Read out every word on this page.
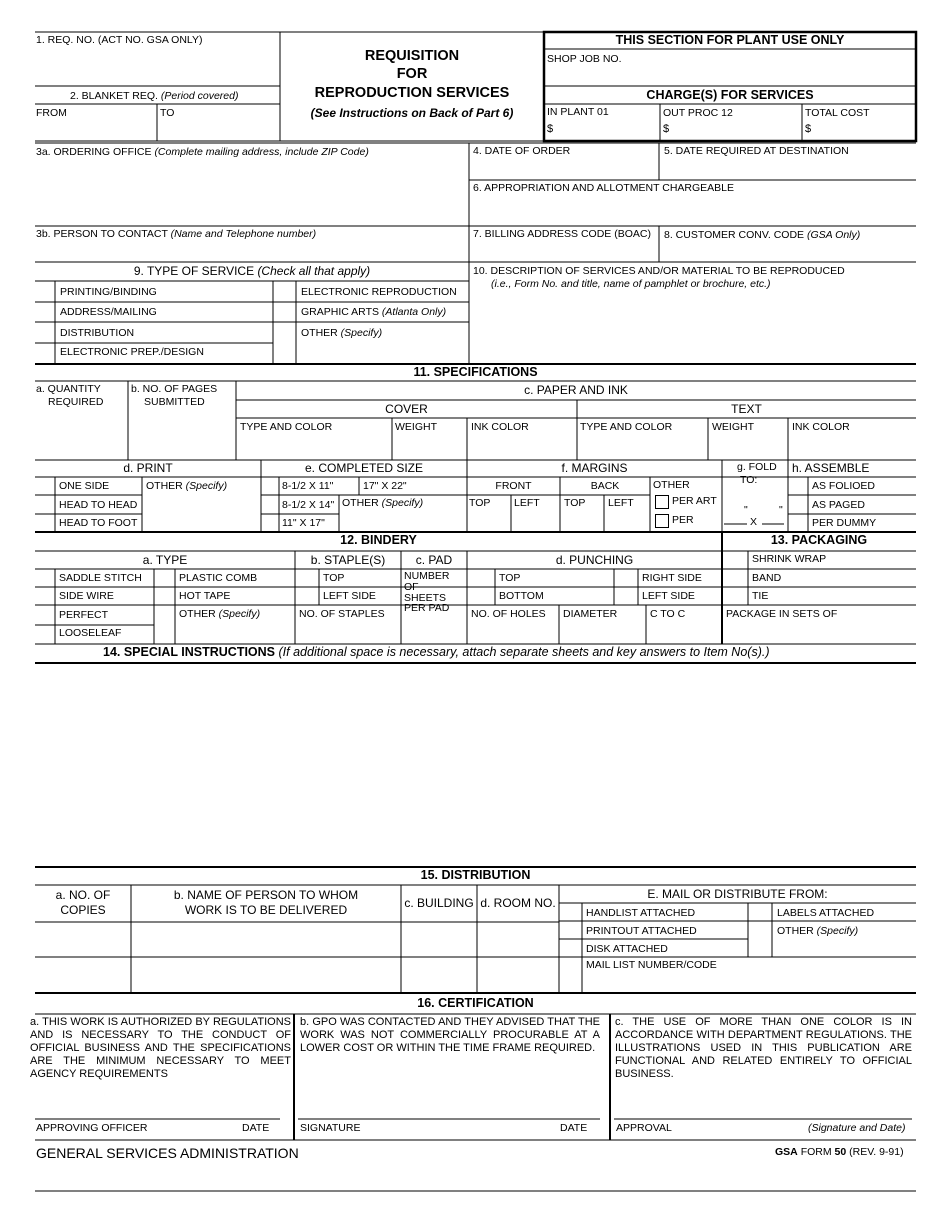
1. REQ. NO. (ACT NO. GSA ONLY)
2. BLANKET REQ. (Period covered)
FROM	TO
REQUISITION
FOR
REPRODUCTION SERVICES
(See Instructions on Back of Part 6)
THIS SECTION FOR PLANT USE ONLY
SHOP JOB NO.
CHARGE(S) FOR SERVICES
IN PLANT 01	OUT PROC 12	TOTAL COST
$	$	$
3a. ORDERING OFFICE (Complete mailing address, include ZIP Code)	4. DATE OF ORDER	5. DATE REQUIRED AT DESTINATION
6. APPROPRIATION AND ALLOTMENT CHARGEABLE
3b. PERSON TO CONTACT (Name and Telephone number)	7. BILLING ADDRESS CODE (BOAC) 8. CUSTOMER CONV. CODE (GSA Only)
9. TYPE OF SERVICE (Check all that apply)
PRINTING/BINDING
ADDRESS/MAILING
DISTRIBUTION
ELECTRONIC PREP./DESIGN
ELECTRONIC REPRODUCTION
GRAPHIC ARTS (Atlanta Only)
OTHER (Specify)
10. DESCRIPTION OF SERVICES AND/OR MATERIAL TO BE REPRODUCED
(i.e., Form No. and title, name of pamphlet or brochure, etc.)
11. SPECIFICATIONS
a. QUANTITY
REQUIRED
b. NO. OF PAGES
SUBMITTED
c. PAPER AND INK
COVER	TEXT
TYPE AND COLOR	WEIGHT	INK COLOR	TYPE AND COLOR	WEIGHT	INK COLOR
d. PRINT
ONE SIDE
HEAD TO HEAD
HEAD TO FOOT
OTHER (Specify)
e. COMPLETED SIZE
8-1/2 X 11"	17" X 22"
8-1/2 X 14"
11" X 17"
OTHER (Specify)
f. MARGINS
FRONT	BACK	OTHER
TOP LEFT TOP LEFT	PER ART
PER
g. FOLD
TO:
"	"
X
h. ASSEMBLE
AS FOLIOED
AS PAGED
PER DUMMY
12. BINDERY	13. PACKAGING
a. TYPE	b. STAPLE(S)	c. PAD	d. PUNCHING
SADDLE STITCH
SIDE WIRE
PERFECT
LOOSELEAF
PLASTIC COMB
HOT TAPE
OTHER (Specify)
TOP
LEFT SIDE
NO. OF STAPLES
NUMBER
OF
SHEETS
PER PAD
TOP
BOTTOM
RIGHT SIDE
LEFT SIDE
NO. OF HOLES DIAMETER	C TO C
SHRINK WRAP
BAND
TIE
PACKAGE IN SETS OF
14. SPECIAL INSTRUCTIONS (If additional space is necessary, attach separate sheets and key answers to Item No(s).)
15. DISTRIBUTION
a. NO. OF
COPIES
b. NAME OF PERSON TO WHOM
WORK IS TO BE DELIVERED	c. BUILDING d. ROOM NO.
E. MAIL OR DISTRIBUTE FROM:
HANDLIST ATTACHED
PRINTOUT ATTACHED
DISK ATTACHED
MAIL LIST NUMBER/CODE
LABELS ATTACHED
OTHER (Specify)
16. CERTIFICATION
a. THIS WORK IS AUTHORIZED BY REGULATIONS AND IS NECESSARY TO THE CONDUCT OF OFFICIAL BUSINESS AND THE SPECIFICATIONS ARE THE MINIMUM NECESSARY TO MEET AGENCY REQUIREMENTS
b. GPO WAS CONTACTED AND THEY ADVISED THAT THE WORK WAS NOT COMMERCIALLY PROCURABLE AT A LOWER COST OR WITHIN THE TIME FRAME REQUIRED.
c. THE USE OF MORE THAN ONE COLOR IS IN ACCORDANCE WITH DEPARTMENT REGULATIONS. THE ILLUSTRATIONS USED IN THIS PUBLICATION ARE FUNCTIONAL AND RELATED ENTIRELY TO OFFICIAL BUSINESS.
APPROVING OFFICER	DATE	SIGNATURE	DATE	APPROVAL	(Signature and Date)
GENERAL SERVICES ADMINISTRATION	GSA FORM 50 (REV. 9-91)
